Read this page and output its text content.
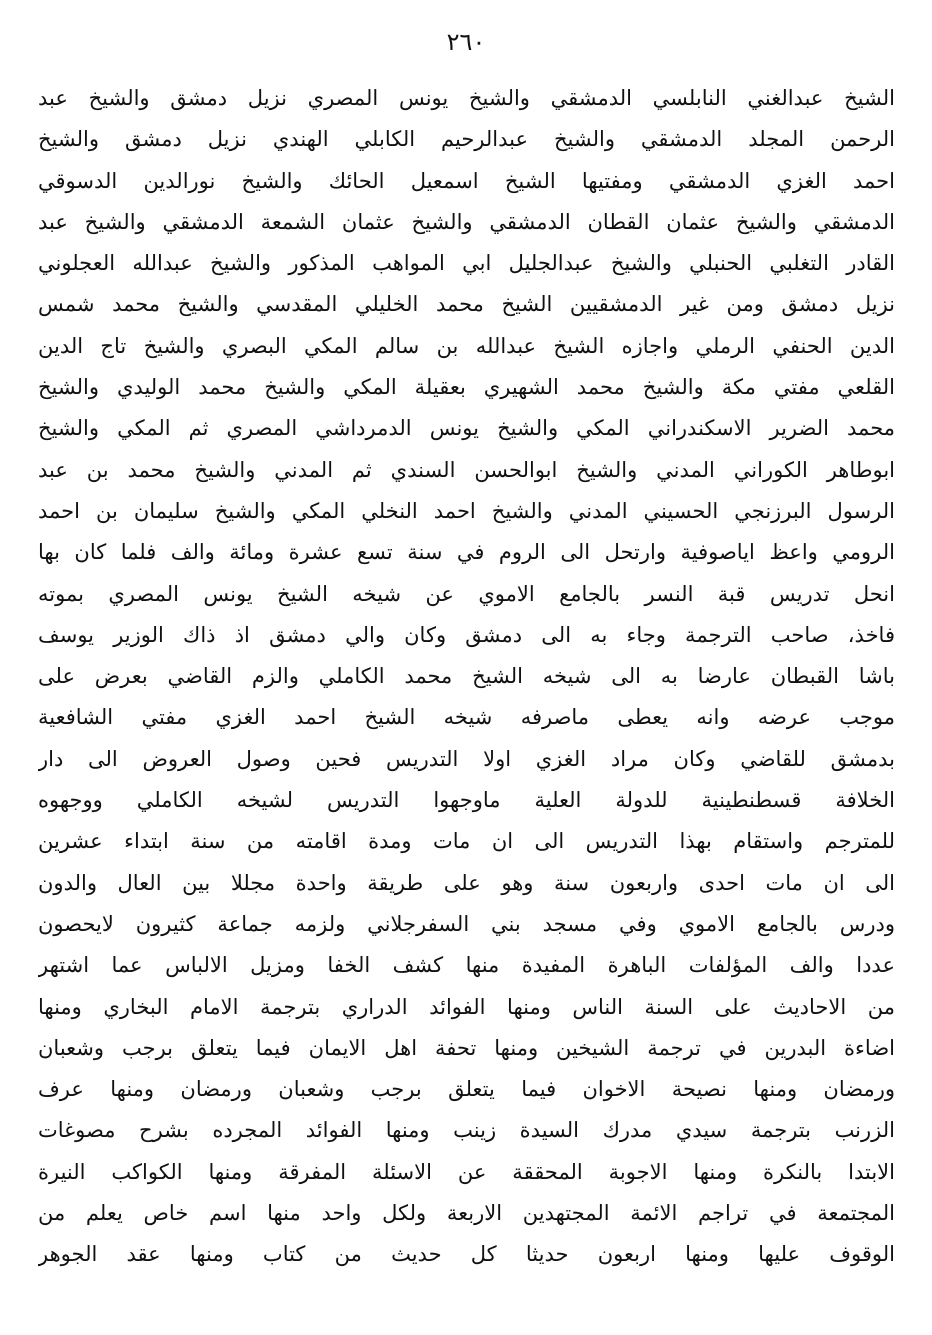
٢٦٠
الشيخ عبدالغني النابلسي الدمشقي والشيخ يونس المصري نزيل دمشق والشيخ عبد
الرحمن المجلد الدمشقي والشيخ عبدالرحيم الكابلي الهندي نزيل دمشق والشيخ
احمد الغزي الدمشقي ومفتيها الشيخ اسمعيل الحائك والشيخ نورالدين الدسوقي
الدمشقي والشيخ عثمان القطان الدمشقي والشيخ عثمان الشمعة الدمشقي والشيخ عبد
القادر التغلبي الحنبلي والشيخ عبدالجليل ابي المواهب المذكور والشيخ عبدالله العجلوني
نزيل دمشق ومن غير الدمشقيين الشيخ محمد الخليلي المقدسي والشيخ محمد شمس
الدين الحنفي الرملي واجازه الشيخ عبدالله بن سالم المكي البصري والشيخ تاج الدين
القلعي مفتي مكة والشيخ محمد الشهيري بعقيلة المكي والشيخ محمد الوليدي والشيخ
محمد الضرير الاسكندراني المكي والشيخ يونس الدمرداشي المصري ثم المكي والشيخ
ابوطاهر الكوراني المدني والشيخ ابوالحسن السندي ثم المدني والشيخ محمد بن عبد
الرسول البرزنجي الحسيني المدني والشيخ احمد النخلي المكي والشيخ سليمان بن احمد
الرومي واعظ اياصوفية وارتحل الى الروم في سنة تسع عشرة ومائة والف فلما كان بها
انحل تدريس قبة النسر بالجامع الاموي عن شيخه الشيخ يونس المصري بموته
فاخذ، صاحب الترجمة وجاء به الى دمشق وكان والي دمشق اذ ذاك الوزير يوسف
باشا القبطان عارضا به الى شيخه الشيخ محمد الكاملي والزم القاضي بعرض على
موجب عرضه وانه يعطى ماصرفه شيخه الشيخ احمد الغزي مفتي الشافعية
بدمشق للقاضي وكان مراد الغزي اولا التدريس فحين وصول العروض الى دار
الخلافة قسطنطينية للدولة العلية ماوجهوا التدريس لشيخه الكاملي ووجهوه
للمترجم واستقام بهذا التدريس الى ان مات ومدة اقامته من سنة ابتداء عشرين
الى ان مات احدى واربعون سنة وهو على طريقة واحدة مجللا بين العال والدون
ودرس بالجامع الاموي وفي مسجد بني السفرجلاني ولزمه جماعة كثيرون لايحصون
عددا والف المؤلفات الباهرة المفيدة منها كشف الخفا ومزيل الالباس عما اشتهر
من الاحاديث على السنة الناس ومنها الفوائد الدراري بترجمة الامام البخاري ومنها
اضاءة البدرين في ترجمة الشيخين ومنها تحفة اهل الايمان فيما يتعلق برجب وشعبان
ورمضان ومنها نصيحة الاخوان فيما يتعلق برجب وشعبان ورمضان ومنها عرف
الزرنب بترجمة سيدي مدرك السيدة زينب ومنها الفوائد المجرده بشرح مصوغات
الابتدا بالنكرة ومنها الاجوبة المحققة عن الاسئلة المفرقة ومنها الكواكب النيرة
المجتمعة في تراجم الائمة المجتهدين الاربعة ولكل واحد منها اسم خاص يعلم من
الوقوف عليها ومنها اربعون حديثا كل حديث من كتاب ومنها عقد الجوهر
